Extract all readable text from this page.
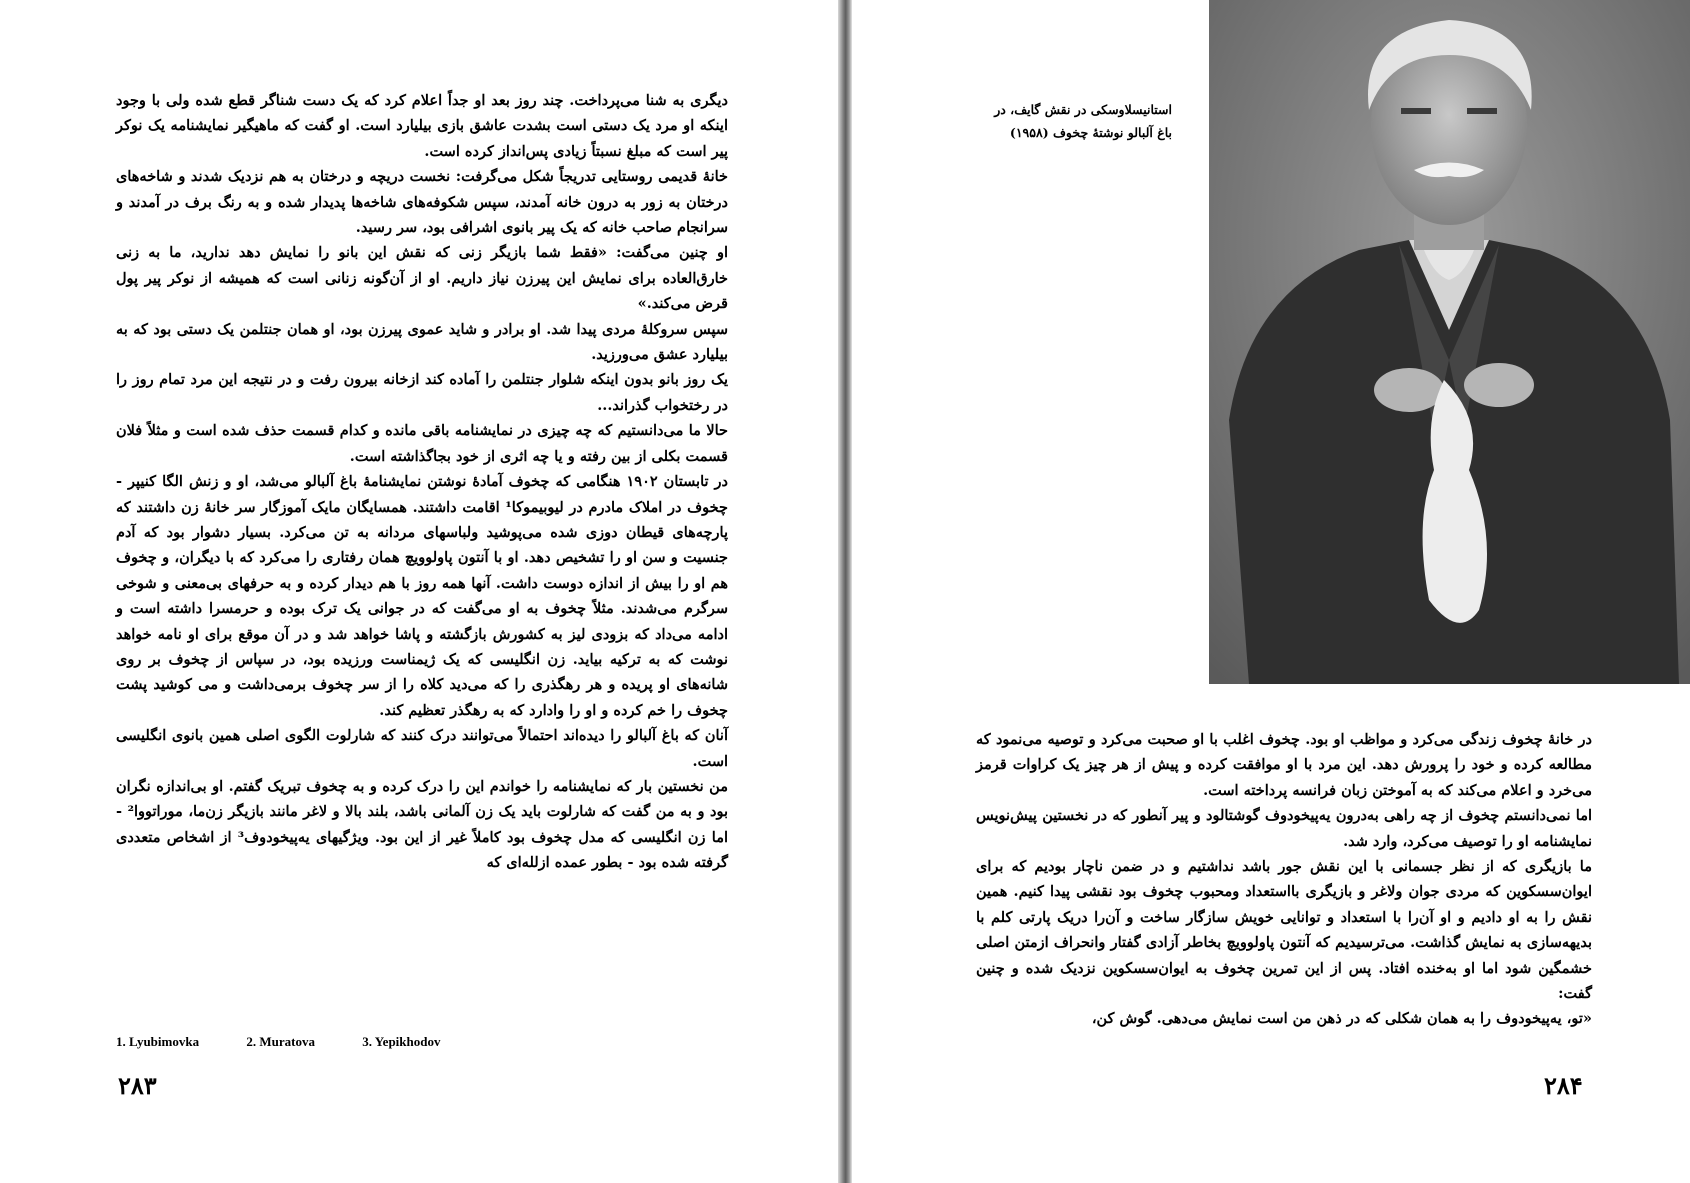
دیگری به شنا می‌پرداخت. چند روز بعد او جداً اعلام کرد که یک دست شناگر قطع شده ولی با وجود اینکه او مرد یک دستی است بشدت عاشق بازی بیلیارد است. او گفت که ماهیگیر نمایشنامه یک نوکر پیر است که مبلغ نسبتاً زیادی پس‌انداز کرده است.

خانهٔ قدیمی روستایی تدریجاً شکل می‌گرفت: نخست دریچه و درختان به هم نزدیک شدند و شاخه‌های درختان به زور به درون خانه آمدند، سپس شکوفه‌های شاخه‌ها پدیدار شده و به رنگ برف در آمدند و سرانجام صاحب خانه که یک پیر بانوی اشرافی بود، سر رسید.

او چنین می‌گفت: «فقط شما بازیگر زنی که نقش این بانو را نمایش دهد ندارید، ما به زنی خارق‌العاده برای نمایش این پیرزن نیاز داریم. او از آن‌گونه زنانی است که همیشه از نوکر پیر پول قرض می‌کند.»

سپس سروکلهٔ مردی پیدا شد. او برادر و شاید عموی پیرزن بود، او همان جنتلمن یک دستی بود که به بیلیارد عشق می‌ورزید.

یک روز بانو بدون اینکه شلوار جنتلمن را آماده کند ازخانه بیرون رفت و در نتیجه این مرد تمام روز را در رختخواب گذراند...

حالا ما می‌دانستیم که چه چیزی در نمایشنامه باقی مانده و کدام قسمت حذف شده است و مثلاً فلان قسمت بکلی از بین رفته و یا چه اثری از خود بجاگذاشته است.

در تابستان ۱۹۰۲ هنگامی که چخوف آمادهٔ نوشتن نمایشنامهٔ باغ آلبالو می‌شد، او و زنش الگا کنیپر - چخوف در املاک مادرم در لیوبیموکا¹ اقامت داشتند. همسایگان مایک آموزگار سر خانهٔ زن داشتند که پارچه‌های قیطان دوزی شده می‌پوشید ولباسهای مردانه به تن می‌کرد. بسیار دشوار بود که آدم جنسیت و سن او را تشخیص دهد. او با آنتون پاولوویچ همان رفتاری را می‌کرد که با دیگران، و چخوف هم او را بیش از اندازه دوست داشت. آنها همه روز با هم دیدار کرده و به حرفهای بی‌معنی و شوخی سرگرم می‌شدند. مثلاً چخوف به او می‌گفت که در جوانی یک ترک بوده و حرمسرا داشته است و ادامه می‌داد که بزودی لیز به کشورش بازگشته و پاشا خواهد شد و در آن موقع برای او نامه خواهد نوشت که به ترکیه بیاید. زن انگلیسی که یک ژیمناست ورزیده بود، در سپاس از چخوف بر روی شانه‌های او پریده و هر رهگذری را که می‌دید کلاه را از سر چخوف برمی‌داشت و می کوشید پشت چخوف را خم کرده و او را وادارد که به رهگذر تعظیم کند.

آنان که باغ آلبالو را دیده‌اند احتمالاً می‌توانند درک کنند که شارلوت الگوی اصلی همین بانوی انگلیسی است.

من نخستین بار که نمایشنامه را خواندم این را درک کرده و به چخوف تبریک گفتم. او بی‌اندازه نگران بود و به من گفت که شارلوت باید یک زن آلمانی باشد، بلند بالا و لاغر مانند بازیگر زن‌ما، موراتووا² - اما زن انگلیسی که مدل چخوف بود کاملاً غیر از این بود. ویژگیهای یه‌پیخودوف³ از اشخاص متعددی گرفته شده بود - بطور عمده ازلله‌ای که

1. Lyubimovka	2. Muratova	3. Yepikhodov
۲۸۳

استانیسلاوسکی در نقش گایف، در

باغ آلبالو نوشتهٔ چخوف (۱۹۵۸)

در خانهٔ چخوف زندگی می‌کرد و مواظب او بود. چخوف اغلب با او صحبت می‌کرد و توصیه می‌نمود که مطالعه کرده و خود را پرورش دهد. این مرد با او موافقت کرده و پیش از هر چیز یک کراوات قرمز می‌خرد و اعلام می‌کند که به آموختن زبان فرانسه پرداخته است.

اما نمی‌دانستم چخوف از چه راهی به‌درون یه‌پیخودوف گوشتالود و پیر آنطور که در نخستین پیش‌نویس نمایشنامه او را توصیف می‌کرد، وارد شد.

ما بازیگری که از نظر جسمانی با این نقش جور باشد نداشتیم و در ضمن ناچار بودیم که برای ایوان‌سسکوین که مردی جوان ولاغر و بازیگری بااستعداد ومحبوب چخوف بود نقشی پیدا کنیم. همین نقش را به او دادیم و او آن‌را با استعداد و توانایی خویش سازگار ساخت و آن‌را دریک پارتی کلم با بدیهه‌سازی به نمایش گذاشت. می‌ترسیدیم که آنتون پاولوویچ بخاطر آزادی گفتار وانحراف ازمتن اصلی خشمگین شود اما او به‌خنده افتاد. پس از این تمرین چخوف به ایوان‌سسکوین نزدیک شده و چنین گفت:

«تو، یه‌پیخودوف را به همان شکلی که در ذهن من است نمایش می‌دهی. گوش کن،

۲۸۴
